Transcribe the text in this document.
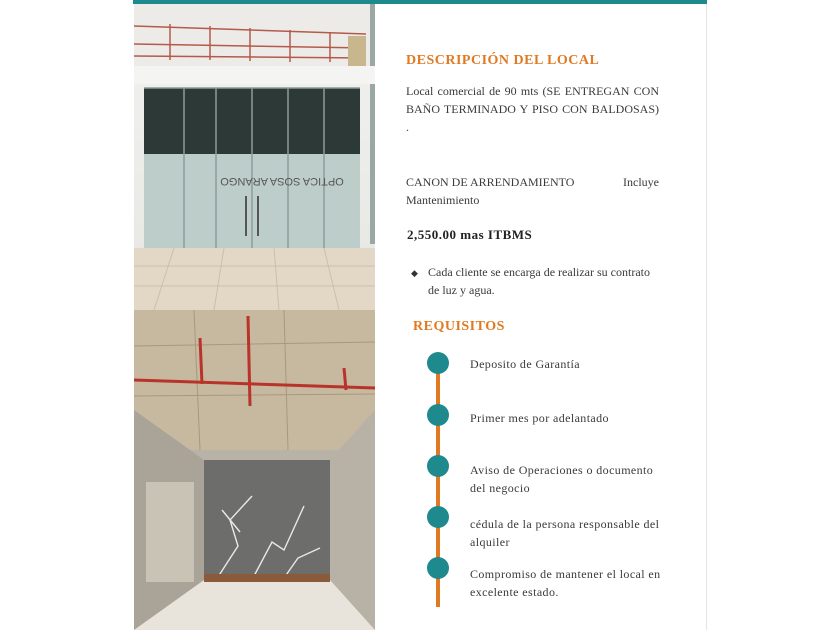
OPTICA SOSA ARANGO
DESCRIPCIÓN DEL LOCAL
Local comercial de 90 mts (SE ENTREGAN CON BAÑO TERMINADO Y PISO CON BALDOSAS) .
CANON DE ARRENDAMIENTO	Incluye
Mantenimiento
2,550.00 mas ITBMS
◆ Cada cliente se encarga de realizar su contrato de luz y agua.
REQUISITOS
Deposito de Garantía
Primer mes por adelantado
Aviso de Operaciones o documento del negocio
cédula de la persona responsable del alquiler
Compromiso de mantener el local en excelente estado.
